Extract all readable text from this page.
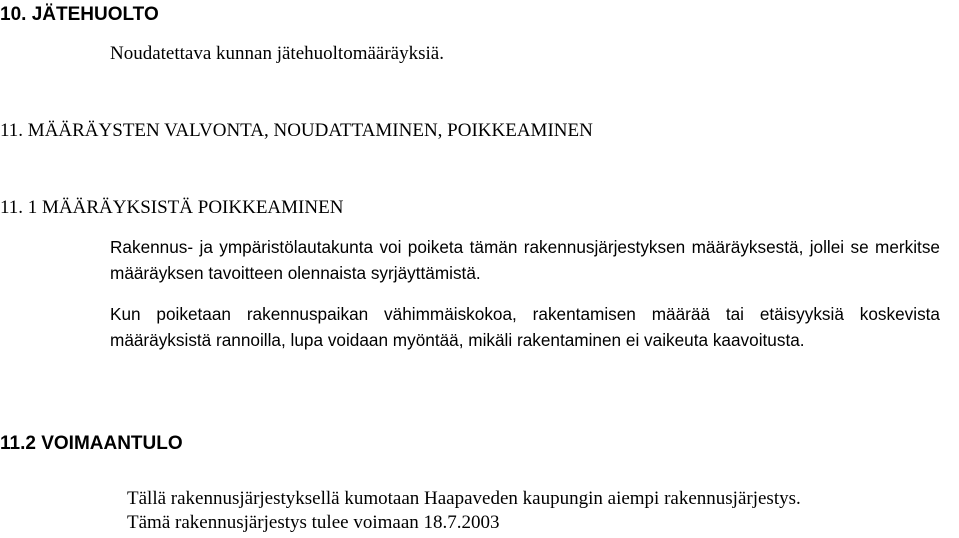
10. JÄTEHUOLTO
Noudatettava kunnan jätehuoltomääräyksiä.
11. MÄÄRÄYSTEN VALVONTA, NOUDATTAMINEN, POIKKEAMINEN
11. 1 MÄÄRÄYKSISTÄ POIKKEAMINEN
Rakennus- ja ympäristölautakunta voi poiketa tämän rakennusjärjestyksen määräyksestä, jollei se merkitse määräyksen tavoitteen olennaista syrjäyttämistä.
Kun poiketaan rakennuspaikan vähimmäiskokoa, rakentamisen määrää tai etäisyyksiä koskevista määräyksistä rannoilla, lupa voidaan myöntää, mikäli rakentaminen ei vaikeuta kaavoitusta.
11.2 VOIMAANTULO
Tällä rakennusjärjestyksellä kumotaan Haapaveden kaupungin aiempi rakennusjärjestys.
Tämä rakennusjärjestys tulee voimaan 18.7.2003
